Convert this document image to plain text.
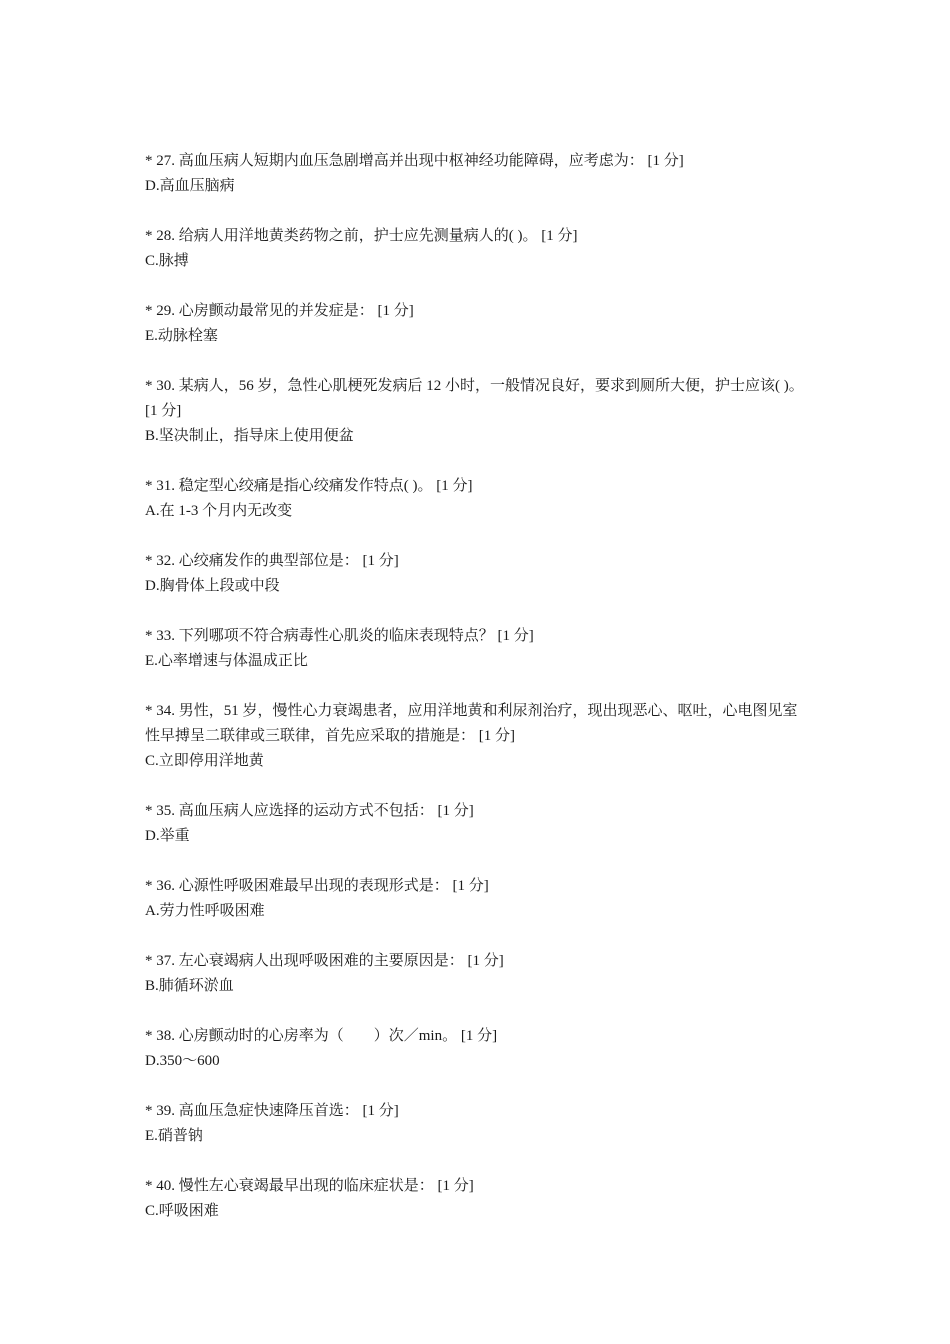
* 27. 高血压病人短期内血压急剧增高并出现中枢神经功能障碍，应考虑为： [1 分]
D.高血压脑病
* 28. 给病人用洋地黄类药物之前，护士应先测量病人的( )。 [1 分]
C.脉搏
* 29. 心房颤动最常见的并发症是： [1 分]
E.动脉栓塞
* 30. 某病人，56 岁，急性心肌梗死发病后 12 小时，一般情况良好，要求到厕所大便，护士应该( )。 [1 分]
B.坚决制止，指导床上使用便盆
* 31. 稳定型心绞痛是指心绞痛发作特点( )。 [1 分]
A.在 1-3 个月内无改变
* 32. 心绞痛发作的典型部位是： [1 分]
D.胸骨体上段或中段
* 33. 下列哪项不符合病毒性心肌炎的临床表现特点？ [1 分]
E.心率增速与体温成正比
* 34. 男性，51 岁，慢性心力衰竭患者，应用洋地黄和利尿剂治疗，现出现恶心、呕吐，心电图见室性早搏呈二联律或三联律，首先应采取的措施是： [1 分]
C.立即停用洋地黄
* 35. 高血压病人应选择的运动方式不包括： [1 分]
D.举重
* 36. 心源性呼吸困难最早出现的表现形式是： [1 分]
A.劳力性呼吸困难
* 37. 左心衰竭病人出现呼吸困难的主要原因是： [1 分]
B.肺循环淤血
* 38. 心房颤动时的心房率为（　　）次／min。 [1 分]
D.350～600
* 39. 高血压急症快速降压首选： [1 分]
E.硝普钠
* 40. 慢性左心衰竭最早出现的临床症状是： [1 分]
C.呼吸困难
